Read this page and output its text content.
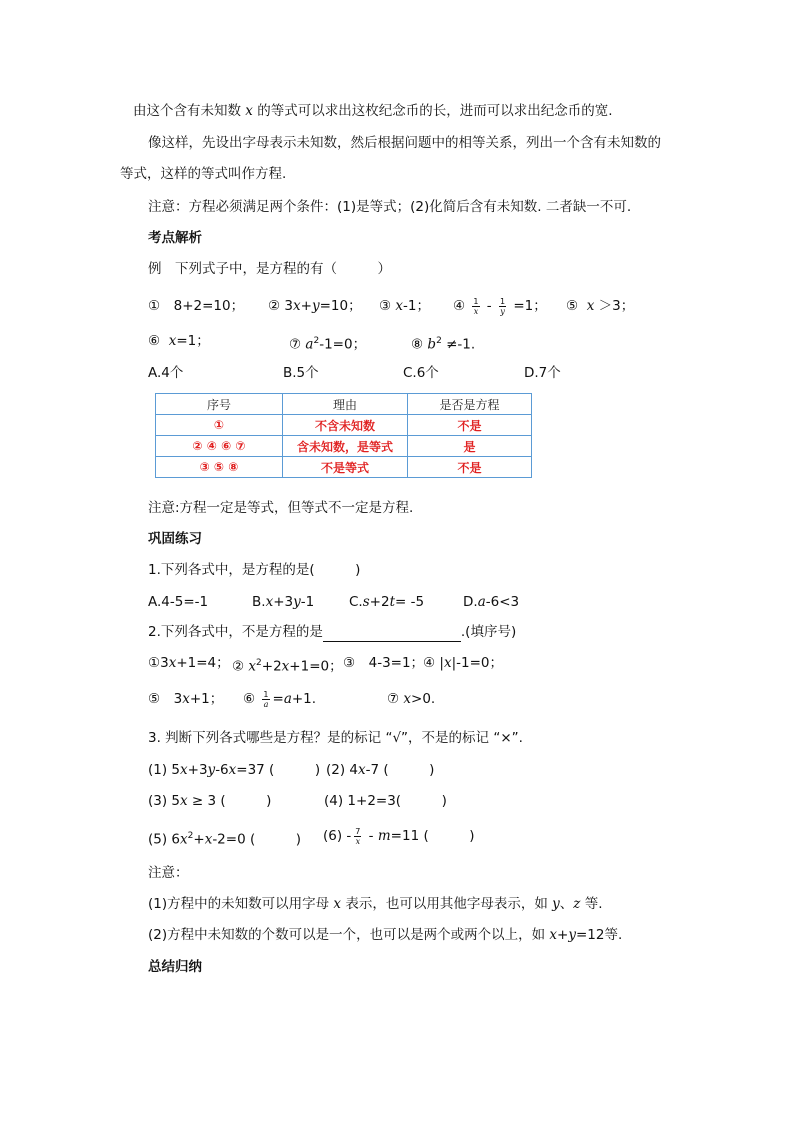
由这个含有未知数 x 的等式可以求出这枚纪念币的长，进而可以求出纪念币的宽.
像这样，先设出字母表示未知数，然后根据问题中的相等关系，列出一个含有未知数的
等式，这样的等式叫作方程.
注意：方程必须满足两个条件：(1)是等式；(2)化简后含有未知数. 二者缺一不可.
考点解析
例　下列式子中，是方程的有（　　　）
①　8+2=10； ② 3x+y=10； ③ x-1； ④ $\frac{1}{x} - \frac{1}{y} =1$； ⑤ x ＞3；
⑥ x=1；	⑦ $a^2-1=0$；	⑧ $b^2 \ne-1$.
A.4个	B.5个	C.6个	D.7个
序号	理由	是否是方程
①	不含未知数	不是
② ④ ⑥ ⑦	含未知数，是等式	是
③ ⑤ ⑧	不是等式	不是
注意:方程一定是等式，但等式不一定是方程.
巩固练习
1.下列各式中，是方程的是(　　　)
A.4-5=-1	B.x+3y-1	C.s+2t= -5	D.a-6<3
2.下列各式中，不是方程的是	.(填序号)
①3x+1=4； ② $x^2+2x+1=0$； ③　4-3=1；
④ |x|-1=0；
⑤　3x+1； ⑥ $\frac{1}{a} =a+1$.	⑦ x>0.
3. 判断下列各式哪些是方程？是的标记 “√”，不是的标记 “×”.
(1) 5x+3y-6x=37 (　　　) (2) 4x-7 (　　　)
(3) 5x ≥ 3 (　　　)	(4) 1+2=3(　　　)
(5) $6x^2+x-2=0$ (　　　) $(6) - \frac{7}{x} - m=11$ (　　　)
注意：
(1)方程中的未知数可以用字母 x 表示，也可以用其他字母表示，如 y、z 等.
(2)方程中未知数的个数可以是一个，也可以是两个或两个以上，如 x+y=12等.
总结归纳
